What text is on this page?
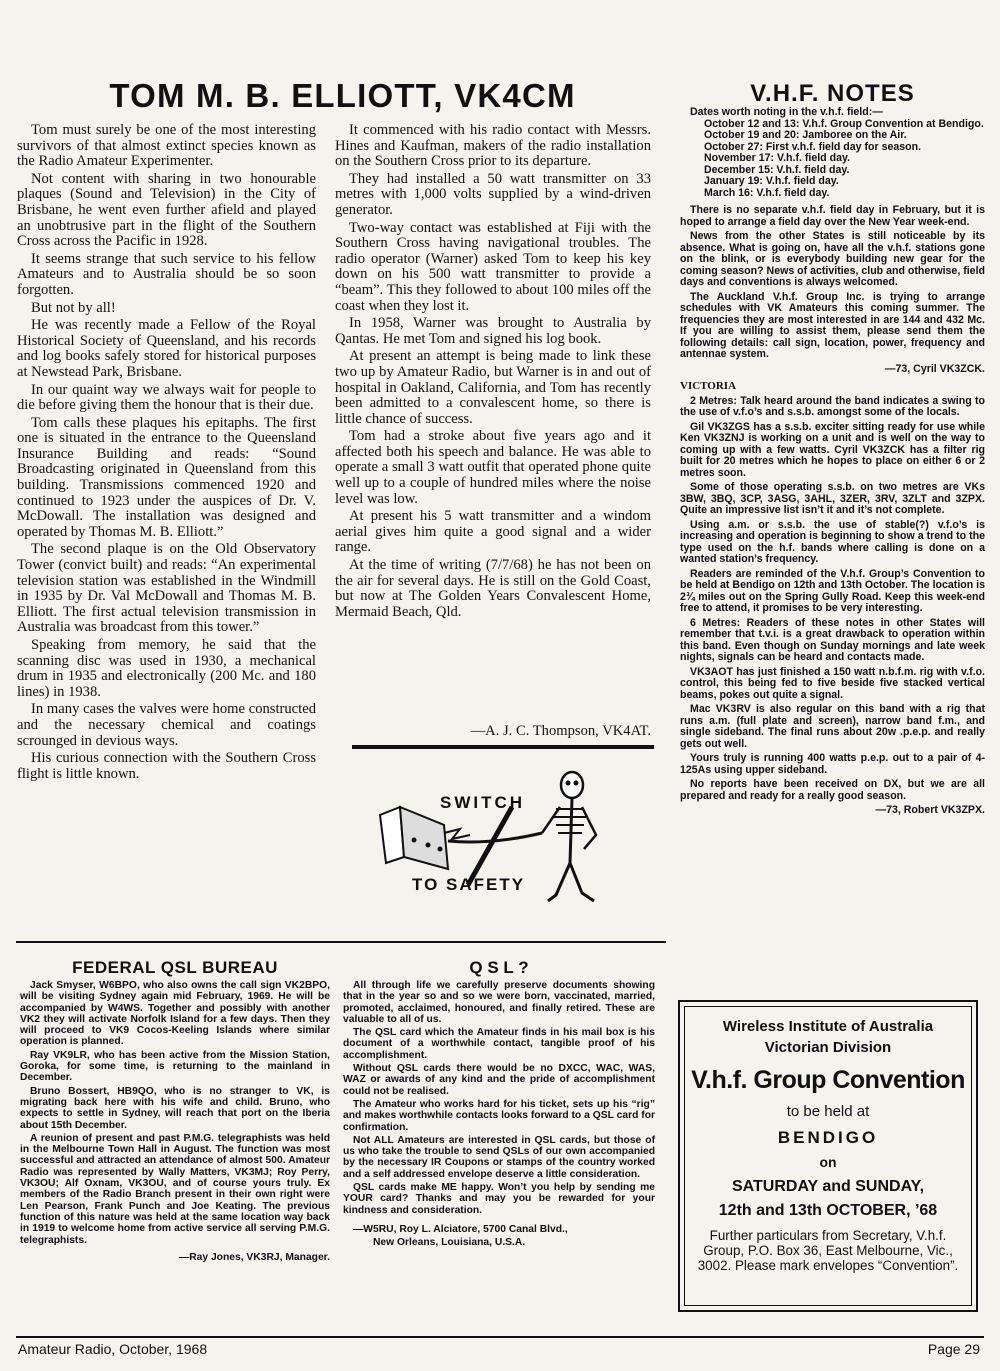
TOM M. B. ELLIOTT, VK4CM

Tom must surely be one of the most interesting survivors of that almost extinct species known as the Radio Amateur Experimenter.

Not content with sharing in two honourable plaques (Sound and Television) in the City of Brisbane, he went even further afield and played an unobtrusive part in the flight of the Southern Cross across the Pacific in 1928.

It seems strange that such service to his fellow Amateurs and to Australia should be so soon forgotten.

But not by all!

He was recently made a Fellow of the Royal Historical Society of Queensland, and his records and log books safely stored for historical purposes at Newstead Park, Brisbane.

In our quaint way we always wait for people to die before giving them the honour that is their due.

Tom calls these plaques his epitaphs. The first one is situated in the entrance to the Queensland Insurance Building and reads: “Sound Broadcasting originated in Queensland from this building. Transmissions commenced 1920 and continued to 1923 under the auspices of Dr. V. McDowall. The installation was designed and operated by Thomas M. B. Elliott.”

The second plaque is on the Old Observatory Tower (convict built) and reads: “An experimental television station was established in the Windmill in 1935 by Dr. Val McDowall and Thomas M. B. Elliott. The first actual television transmission in Australia was broadcast from this tower.”

Speaking from memory, he said that the scanning disc was used in 1930, a mechanical drum in 1935 and electronically (200 Mc. and 180 lines) in 1938.

In many cases the valves were home constructed and the necessary chemical and coatings scrounged in devious ways.

His curious connection with the Southern Cross flight is little known.

It commenced with his radio contact with Messrs. Hines and Kaufman, makers of the radio installation on the Southern Cross prior to its departure.

They had installed a 50 watt transmitter on 33 metres with 1,000 volts supplied by a wind-driven generator.

Two-way contact was established at Fiji with the Southern Cross having navigational troubles. The radio operator (Warner) asked Tom to keep his key down on his 500 watt transmitter to provide a “beam”. This they followed to about 100 miles off the coast when they lost it.

In 1958, Warner was brought to Australia by Qantas. He met Tom and signed his log book.

At present an attempt is being made to link these two up by Amateur Radio, but Warner is in and out of hospital in Oakland, California, and Tom has recently been admitted to a convalescent home, so there is little chance of success.

Tom had a stroke about five years ago and it affected both his speech and balance. He was able to operate a small 3 watt outfit that operated phone quite well up to a couple of hundred miles where the noise level was low.

At present his 5 watt transmitter and a windom aerial gives him quite a good signal and a wider range.

At the time of writing (7/7/68) he has not been on the air for several days. He is still on the Gold Coast, but now at The Golden Years Convalescent Home, Mermaid Beach, Qld.

—A. J. C. Thompson, VK4AT.
SWITCH
TO SAFETY
V.H.F. NOTES

Dates worth noting in the v.h.f. field:—

October 12 and 13: V.h.f. Group Convention at Bendigo.
October 19 and 20: Jamboree on the Air.
October 27: First v.h.f. field day for season.
November 17: V.h.f. field day.
December 15: V.h.f. field day.
January 19: V.h.f. field day.
March 16: V.h.f. field day.

There is no separate v.h.f. field day in February, but it is hoped to arrange a field day over the New Year week-end.

News from the other States is still noticeable by its absence. What is going on, have all the v.h.f. stations gone on the blink, or is everybody building new gear for the coming season? News of activities, club and otherwise, field days and conventions is always welcomed.

The Auckland V.h.f. Group Inc. is trying to arrange schedules with VK Amateurs this coming summer. The frequencies they are most interested in are 144 and 432 Mc. If you are willing to assist them, please send them the following details: call sign, location, power, frequency and antennae system.

—73, Cyril VK3ZCK.

VICTORIA

2 Metres: Talk heard around the band indicates a swing to the use of v.f.o’s and s.s.b. amongst some of the locals.

Gil VK3ZGS has a s.s.b. exciter sitting ready for use while Ken VK3ZNJ is working on a unit and is well on the way to coming up with a few watts. Cyril VK3ZCK has a filter rig built for 20 metres which he hopes to place on either 6 or 2 metres soon.

Some of those operating s.s.b. on two metres are VKs 3BW, 3BQ, 3CP, 3ASG, 3AHL, 3ZER, 3RV, 3ZLT and 3ZPX. Quite an impressive list isn’t it and it’s not complete.

Using a.m. or s.s.b. the use of stable(?) v.f.o’s is increasing and operation is beginning to show a trend to the type used on the h.f. bands where calling is done on a wanted station’s frequency.

Readers are reminded of the V.h.f. Group’s Convention to be held at Bendigo on 12th and 13th October. The location is 2¾ miles out on the Spring Gully Road. Keep this week-end free to attend, it promises to be very interesting.

6 Metres: Readers of these notes in other States will remember that t.v.i. is a great drawback to operation within this band. Even though on Sunday mornings and late week nights, signals can be heard and contacts made.

VK3AOT has just finished a 150 watt n.b.f.m. rig with v.f.o. control, this being fed to five beside five stacked vertical beams, pokes out quite a signal.

Mac VK3RV is also regular on this band with a rig that runs a.m. (full plate and screen), narrow band f.m., and single sideband. The final runs about 20w .p.e.p. and really gets out well.

Yours truly is running 400 watts p.e.p. out to a pair of 4-125As using upper sideband.

No reports have been received on DX, but we are all prepared and ready for a really good season.

—73, Robert VK3ZPX.

FEDERAL QSL BUREAU

Jack Smyser, W6BPO, who also owns the call sign VK2BPO, will be visiting Sydney again mid February, 1969. He will be accompanied by W4WS. Together and possibly with another VK2 they will activate Norfolk Island for a few days. Then they will proceed to VK9 Cocos-Keeling Islands where similar operation is planned.

Ray VK9LR, who has been active from the Mission Station, Goroka, for some time, is returning to the mainland in December.

Bruno Bossert, HB9QO, who is no stranger to VK, is migrating back here with his wife and child. Bruno, who expects to settle in Sydney, will reach that port on the Iberia about 15th December.

A reunion of present and past P.M.G. telegraphists was held in the Melbourne Town Hall in August. The function was most successful and attracted an attendance of almost 500. Amateur Radio was represented by Wally Matters, VK3MJ; Roy Perry, VK3OU; Alf Oxnam, VK3OU, and of course yours truly. Ex members of the Radio Branch present in their own right were Len Pearson, Frank Punch and Joe Keating. The previous function of this nature was held at the same location way back in 1919 to welcome home from active service all serving P.M.G. telegraphists.

—Ray Jones, VK3RJ, Manager.

Q S L ?

All through life we carefully preserve documents showing that in the year so and so we were born, vaccinated, married, promoted, acclaimed, honoured, and finally retired. These are valuable to all of us.

The QSL card which the Amateur finds in his mail box is his document of a worthwhile contact, tangible proof of his accomplishment.

Without QSL cards there would be no DXCC, WAC, WAS, WAZ or awards of any kind and the pride of accomplishment could not be realised.

The Amateur who works hard for his ticket, sets up his “rig” and makes worthwhile contacts looks forward to a QSL card for confirmation.

Not ALL Amateurs are interested in QSL cards, but those of us who take the trouble to send QSLs of our own accompanied by the necessary IR Coupons or stamps of the country worked and a self addressed envelope deserve a little consideration.

QSL cards make ME happy. Won’t you help by sending me YOUR card? Thanks and may you be rewarded for your kindness and consideration.

—W5RU, Roy L. Alciatore, 5700 Canal Blvd.,

New Orleans, Louisiana, U.S.A.

Wireless Institute of Australia

Victorian Division

V.h.f. Group Convention

to be held at

BENDIGO

on

SATURDAY and SUNDAY,

12th and 13th OCTOBER, ’68

Further particulars from Secretary, V.h.f. Group, P.O. Box 36, East Melbourne, Vic., 3002. Please mark envelopes “Convention”.

Amateur Radio, October, 1968	Page 29
